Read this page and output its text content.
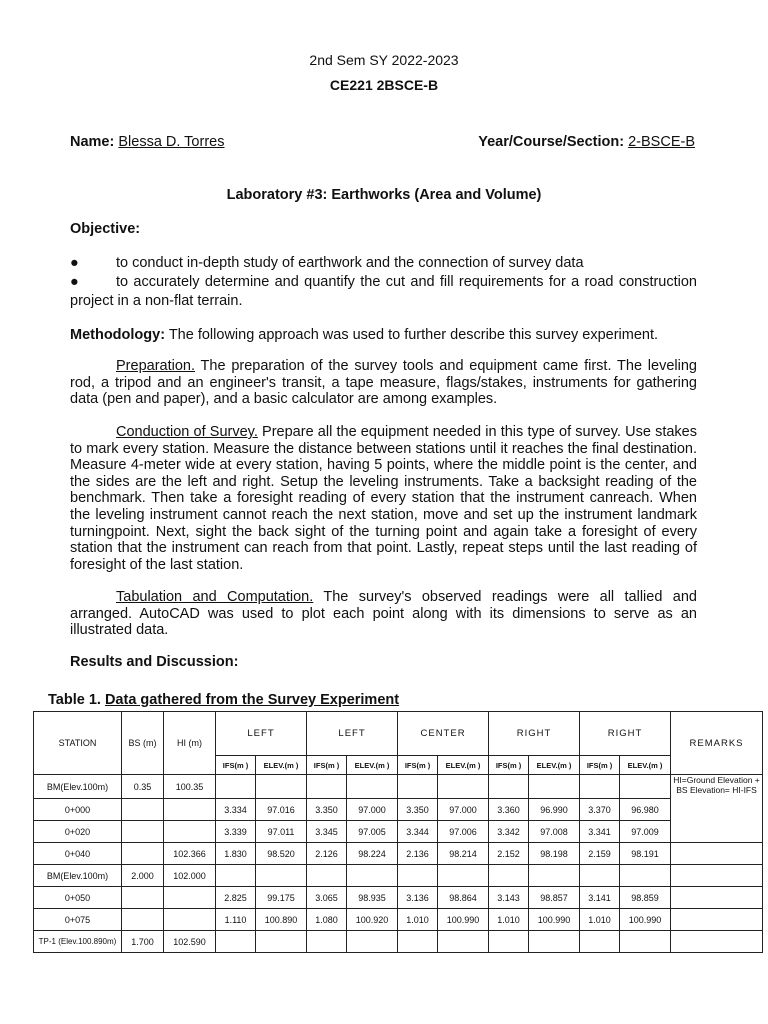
2nd Sem SY 2022-2023
CE221 2BSCE-B
Name: Blessa D. Torres	Year/Course/Section: 2-BSCE-B
Laboratory #3: Earthworks (Area and Volume)
Objective:
●	to conduct in-depth study of earthwork and the connection of survey data
●	to accurately determine and quantify the cut and fill requirements for a road construction project in a non-flat terrain.
Methodology: The following approach was used to further describe this survey experiment.
Preparation. The preparation of the survey tools and equipment came first. The leveling rod, a tripod and an engineer's transit, a tape measure, flags/stakes, instruments for gathering data (pen and paper), and a basic calculator are among examples.
Conduction of Survey. Prepare all the equipment needed in this type of survey. Use stakes to mark every station. Measure the distance between stations until it reaches the final destination. Measure 4-meter wide at every station, having 5 points, where the middle point is the center, and the sides are the left and right. Setup the leveling instruments. Take a backsight reading of the benchmark. Then take a foresight reading of every station that the instrument canreach. When the leveling instrument cannot reach the next station, move and set up the instrument landmark turningpoint. Next, sight the back sight of the turning point and again take a foresight of every station that the instrument can reach from that point. Lastly, repeat steps until the last reading of foresight of the last station.
Tabulation and Computation. The survey's observed readings were all tallied and arranged. AutoCAD was used to plot each point along with its dimensions to serve as an illustrated data.
Results and Discussion:
Table 1. Data gathered from the Survey Experiment
STATION	BS (m)	HI (m)	LEFT		LEFT		CENTER		RIGHT		RIGHT		REMARKS
			IFS(m )	ELEV.(m )	IFS(m )	ELEV.(m )	IFS(m )	ELEV.(m )	IFS(m )	ELEV.(m )	IFS(m )	ELEV.(m )	
BM(Elev.100m)	0.35	100.35											HI=Ground Elevation + BS Elevation= HI-IFS
0+000			3.334	97.016	3.350	97.000	3.350	97.000	3.360	96.990	3.370	96.980	
0+020			3.339	97.011	3.345	97.005	3.344	97.006	3.342	97.008	3.341	97.009	
0+040		102.366	1.830	98.520	2.126	98.224	2.136	98.214	2.152	98.198	2.159	98.191	
BM(Elev.100m)	2.000	102.000											
0+050			2.825	99.175	3.065	98.935	3.136	98.864	3.143	98.857	3.141	98.859	
0+075			1.110	100.890	1.080	100.920	1.010	100.990	1.010	100.990	1.010	100.990	
TP-1 (Elev.100.890m)	1.700	102.590											
